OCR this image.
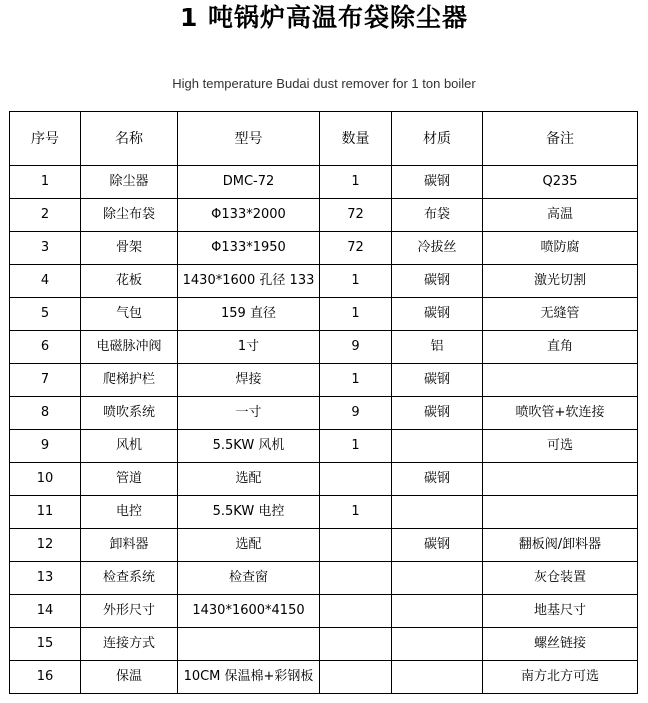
1 吨锅炉高温布袋除尘器
High temperature Budai dust remover for 1 ton boiler
序号	名称	型号	数量	材质	备注
1	除尘器	DMC-72	1	碳钢	Q235
2	除尘布袋	Φ133*2000	72	布袋	高温
3	骨架	Φ133*1950	72	冷拔丝	喷防腐
4	花板	1430*1600 孔径 133	1	碳钢	激光切割
5	气包	159 直径	1	碳钢	无缝管
6	电磁脉冲阀	1寸	9	铝	直角
7	爬梯护栏	焊接	1	碳钢	
8	喷吹系统	一寸	9	碳钢	喷吹管+软连接
9	风机	5.5KW 风机	1		可选
10	管道	选配		碳钢	
11	电控	5.5KW 电控	1		
12	卸料器	选配		碳钢	翻板阀/卸料器
13	检查系统	检查窗			灰仓装置
14	外形尺寸	1430*1600*4150			地基尺寸
15	连接方式				螺丝链接
16	保温	10CM 保温棉+彩钢板			南方北方可选
